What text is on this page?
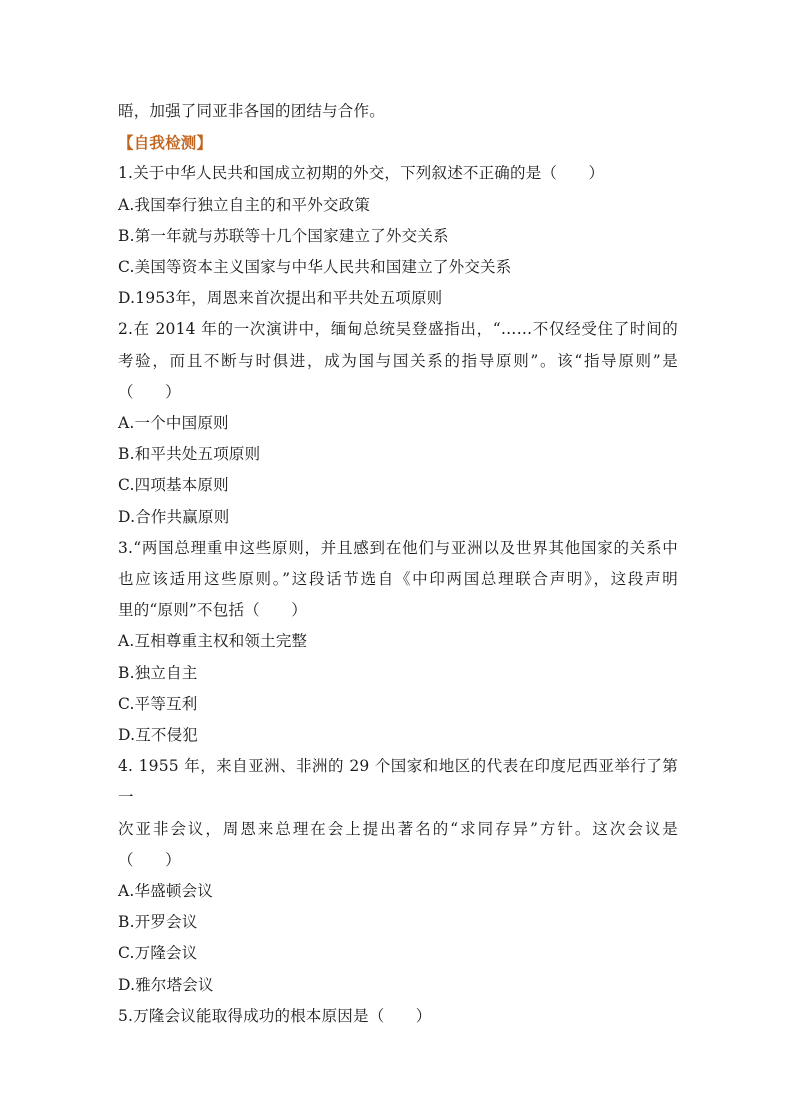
晤，加强了同亚非各国的团结与合作。
【自我检测】
1.关于中华人民共和国成立初期的外交，下列叙述不正确的是（　　）
A.我国奉行独立自主的和平外交政策
B.第一年就与苏联等十几个国家建立了外交关系
C.美国等资本主义国家与中华人民共和国建立了外交关系
D.1953年，周恩来首次提出和平共处五项原则
2.在 2014 年的一次演讲中，缅甸总统吴登盛指出，“……不仅经受住了时间的
考验，而且不断与时俱进，成为国与国关系的指导原则”。该“指导原则”是
（　　）
A.一个中国原则
B.和平共处五项原则
C.四项基本原则
D.合作共赢原则
3.“两国总理重申这些原则，并且感到在他们与亚洲以及世界其他国家的关系中
也应该适用这些原则。”这段话节选自《中印两国总理联合声明》，这段声明
里的“原则”不包括（　　）
A.互相尊重主权和领土完整
B.独立自主
C.平等互利
D.互不侵犯
4. 1955 年，来自亚洲、非洲的 29 个国家和地区的代表在印度尼西亚举行了第一
次亚非会议，周恩来总理在会上提出著名的“求同存异”方针。这次会议是
（　　）
A.华盛顿会议
B.开罗会议
C.万隆会议
D.雅尔塔会议
5.万隆会议能取得成功的根本原因是（　　）
